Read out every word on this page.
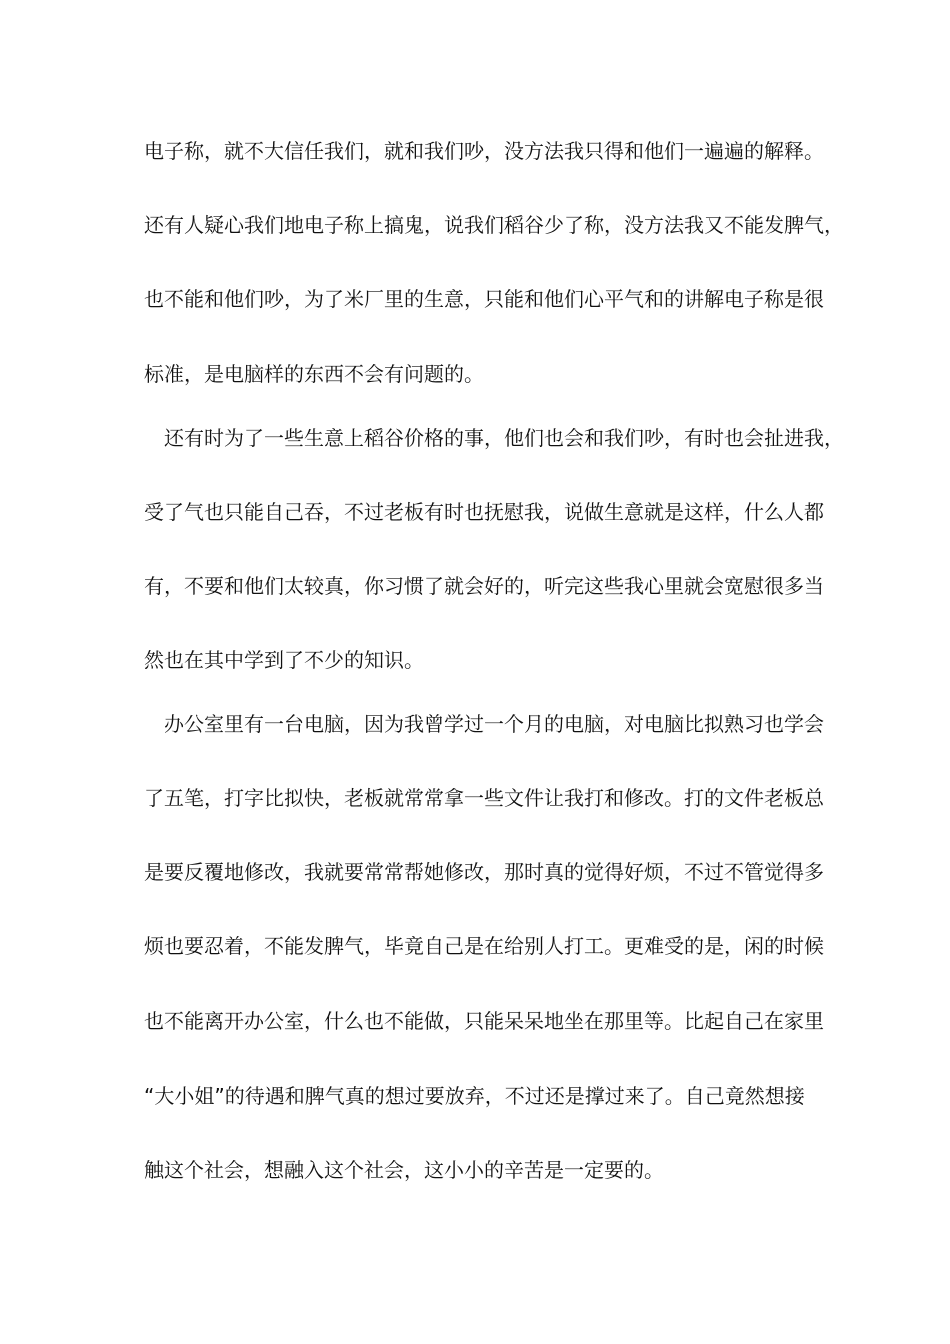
电子称，就不大信任我们，就和我们吵，没方法我只得和他们一遍遍的解释。
还有人疑心我们地电子称上搞鬼，说我们稻谷少了称，没方法我又不能发脾气，
也不能和他们吵，为了米厂里的生意，只能和他们心平气和的讲解电子称是很
标准，是电脑样的东西不会有问题的。
　还有时为了一些生意上稻谷价格的事，他们也会和我们吵，有时也会扯进我，
受了气也只能自己吞，不过老板有时也抚慰我，说做生意就是这样，什么人都
有，不要和他们太较真，你习惯了就会好的，听完这些我心里就会宽慰很多当
然也在其中学到了不少的知识。
　办公室里有一台电脑，因为我曾学过一个月的电脑，对电脑比拟熟习也学会
了五笔，打字比拟快，老板就常常拿一些文件让我打和修改。打的文件老板总
是要反覆地修改，我就要常常帮她修改，那时真的觉得好烦，不过不管觉得多
烦也要忍着，不能发脾气，毕竟自己是在给别人打工。更难受的是，闲的时候
也不能离开办公室，什么也不能做，只能呆呆地坐在那里等。比起自己在家里
“大小姐”的待遇和脾气真的想过要放弃，不过还是撑过来了。自己竟然想接
触这个社会，想融入这个社会，这小小的辛苦是一定要的。
